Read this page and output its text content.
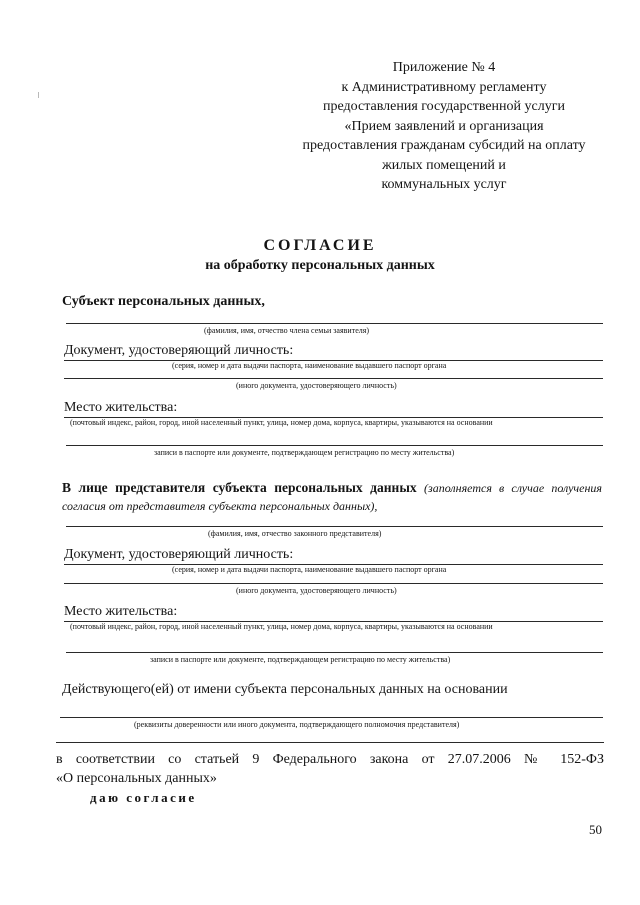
Приложение № 4
к Административному регламенту
предоставления государственной услуги
«Прием заявлений и организация
предоставления гражданам субсидий на оплату
жилых помещений и
коммунальных услуг
СОГЛАСИЕ
на обработку персональных данных
Субъект персональных данных,
(фамилия, имя, отчество члена семьи заявителя)
Документ, удостоверяющий личность:
(серия, номер и дата выдачи паспорта, наименование выдавшего паспорт органа
(иного документа, удостоверяющего личность)
Место жительства:
(почтовый индекс, район, город, иной населенный пункт, улица, номер дома, корпуса, квартиры, указываются на основании
записи в паспорте или документе, подтверждающем регистрацию по месту жительства)
В лице представителя субъекта персональных данных (заполняется в случае получения согласия от представителя субъекта персональных данных),
(фамилия, имя, отчество законного представителя)
Документ, удостоверяющий личность:
(серия, номер и дата выдачи паспорта, наименование выдавшего паспорт органа
(иного документа, удостоверяющего личность)
Место жительства:
(почтовый индекс, район, город, иной населенный пункт, улица, номер дома, корпуса, квартиры, указываются на основании
записи в паспорте или документе, подтверждающем регистрацию по месту жительства)
Действующего(ей) от имени субъекта персональных данных на основании
(реквизиты доверенности или иного документа, подтверждающего полномочия представителя)
в соответствии со статьей 9 Федерального закона от 27.07.2006 № 152-ФЗ
«О персональных данных»
даю согласие
50
